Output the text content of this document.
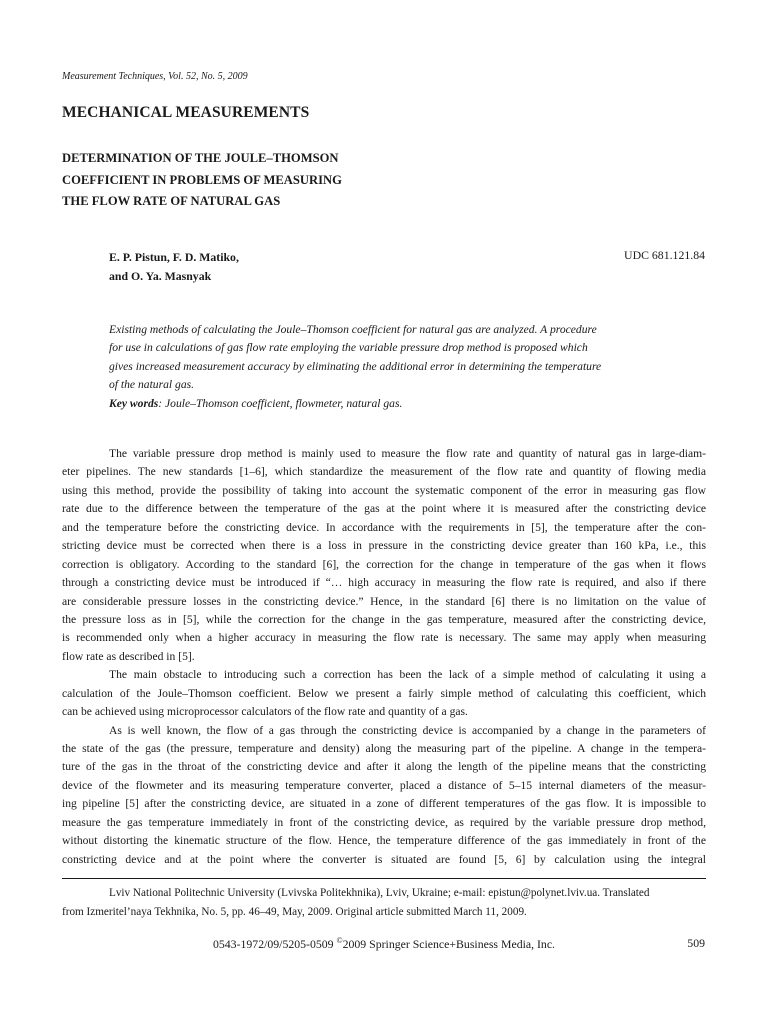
Measurement Techniques, Vol. 52, No. 5, 2009
MECHANICAL MEASUREMENTS
DETERMINATION OF THE JOULE–THOMSON
COEFFICIENT IN PROBLEMS OF MEASURING
THE FLOW RATE OF NATURAL GAS
E. P. Pistun, F. D. Matiko,
and O. Ya. Masnyak
UDC 681.121.84
Existing methods of calculating the Joule–Thomson coefficient for natural gas are analyzed. A procedure
for use in calculations of gas flow rate employing the variable pressure drop method is proposed which
gives increased measurement accuracy by eliminating the additional error in determining the temperature
of the natural gas.
Key words: Joule–Thomson coefficient, flowmeter, natural gas.
The variable pressure drop method is mainly used to measure the flow rate and quantity of natural gas in large-diam-
eter pipelines. The new standards [1–6], which standardize the measurement of the flow rate and quantity of flowing media
using this method, provide the possibility of taking into account the systematic component of the error in measuring gas flow
rate due to the difference between the temperature of the gas at the point where it is measured after the constricting device
and the temperature before the constricting device. In accordance with the requirements in [5], the temperature after the con-
stricting device must be corrected when there is a loss in pressure in the constricting device greater than 160 kPa, i.e., this
correction is obligatory. According to the standard [6], the correction for the change in temperature of the gas when it flows
through a constricting device must be introduced if “… high accuracy in measuring the flow rate is required, and also if there
are considerable pressure losses in the constricting device.” Hence, in the standard [6] there is no limitation on the value of
the pressure loss as in [5], while the correction for the change in the gas temperature, measured after the constricting device,
is recommended only when a higher accuracy in measuring the flow rate is necessary. The same may apply when measuring
flow rate as described in [5].
The main obstacle to introducing such a correction has been the lack of a simple method of calculating it using a
calculation of the Joule–Thomson coefficient. Below we present a fairly simple method of calculating this coefficient, which
can be achieved using microprocessor calculators of the flow rate and quantity of a gas.
As is well known, the flow of a gas through the constricting device is accompanied by a change in the parameters of
the state of the gas (the pressure, temperature and density) along the measuring part of the pipeline. A change in the tempera-
ture of the gas in the throat of the constricting device and after it along the length of the pipeline means that the constricting
device of the flowmeter and its measuring temperature converter, placed a distance of 5–15 internal diameters of the measur-
ing pipeline [5] after the constricting device, are situated in a zone of different temperatures of the gas flow. It is impossible to
measure the gas temperature immediately in front of the constricting device, as required by the variable pressure drop method,
without distorting the kinematic structure of the flow. Hence, the temperature difference of the gas immediately in front of the
constricting device and at the point where the converter is situated are found [5, 6] by calculation using the integral
Lviv National Politechnic University (Lvivska Politekhnika), Lviv, Ukraine; e-mail: epistun@polynet.lviv.ua. Translated
from Izmeritel’naya Tekhnika, No. 5, pp. 46–49, May, 2009. Original article submitted March 11, 2009.
0543-1972/09/5205-0509 ©2009 Springer Science+Business Media, Inc.	509
